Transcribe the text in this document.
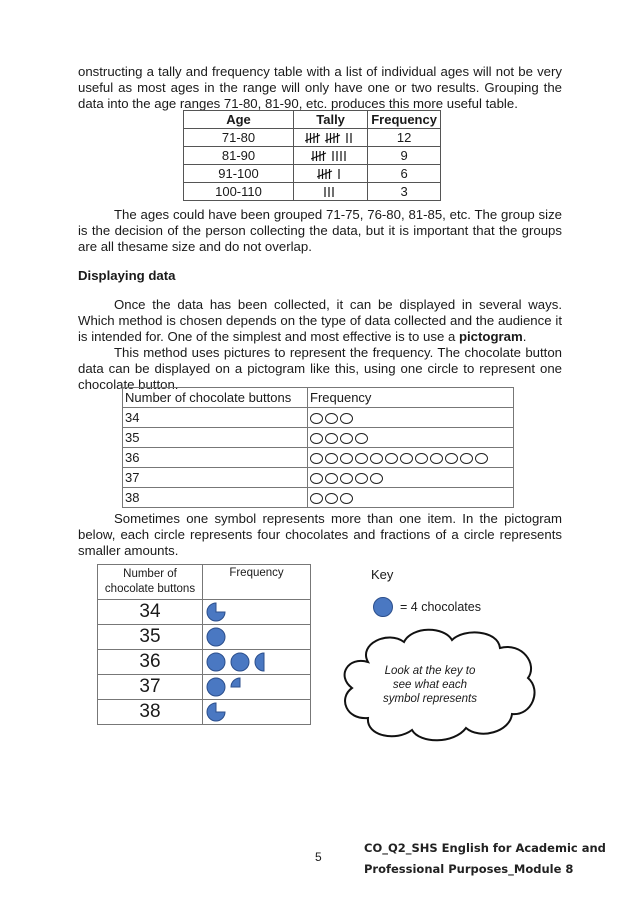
onstructing a tally and frequency table with a list of individual ages will not be very useful as most ages in the range will only have one or two results. Grouping the data into the age ranges 71-80, 81-90, etc. produces this more useful table.

Age	Tally	Frequency
71-80		12
81-90		9
91-100		6
100-110		3

The ages could have been grouped 71-75, 76-80, 81-85, etc. The group size is the decision of the person collecting the data, but it is important that the groups are all thesame size and do not overlap.

Displaying data

Once the data has been collected, it can be displayed in several ways. Which method is chosen depends on the type of data collected and the audience it is intended for. One of the simplest and most effective is to use a pictogram.

This method uses pictures to represent the frequency. The chocolate button data can be displayed on a pictogram like this, using one circle to represent one chocolate button.

Number of chocolate buttons	Frequency
34	
35	
36	
37	
38	

Sometimes one symbol represents more than one item. In the pictogram below, each circle represents four chocolates and fractions of a circle represents smaller amounts.

Number of chocolate buttons	Frequency
34	
35	
36	
37	
38	
Key
= 4 chocolates
Look at the key to
see what each
symbol represents
5
CO_Q2_SHS English for Academic and
Professional Purposes_Module 8
